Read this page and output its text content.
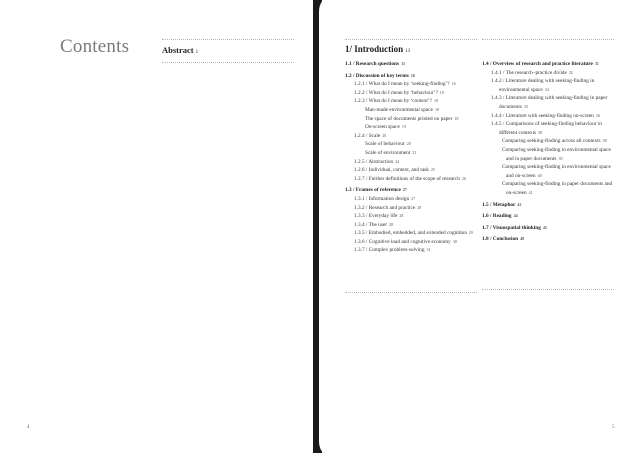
Contents	Abstract 1
4
1/ Introduction 13
1.1 / Research questions 15
1.2 / Discussion of key terms 16
1.2.1 / What do I mean by ‘seeking-finding’? 16
1.2.2 / What do I mean by ‘behaviour’? 18
1.2.3 / What do I mean by ‘context’? 18
Man-made environmental space 18
The space of documents printed on paper 18
On-screen space 19
1.2.4 / Scale 20
Scale of behaviour 20
Scale of environment 21
1.2.5 / Abstraction 24
1.2.6 / Individual, context, and task 25
1.2.7 / Further definitions of the scope of research 26
1.3 / Frames of reference 27
1.3.1 / Information design 27
1.3.2 / Research and practice 28
1.3.3 / Everyday life 28
1.3.4 / The user 28
1.3.5 / Embodied, embedded, and extended cognition 29
1.3.6 / Cognitive load and cognitive economy 30
1.3.7 / Complex problem-solving 31
1.4 / Overview of research and practice literature 31
1.4.1 / The research–practice divide 32
1.4.2 / Literature dealing with seeking-finding in environmental space 34
1.4.3 / Literature dealing with seeking-finding in paper documents 35
1.4.4 / Literature with seeking-finding on-screen 36
1.4.5 / Comparisons of seeking-finding behaviour in different contexts 38
Comparing seeking-finding across all contexts 38
Comparing seeking-finding in environmental space and in paper documents 39
Comparing seeking-finding in environmental space and on-screen 40
Comparing seeking-finding in paper documents and on-screen 41
1.5 / Metaphor 42
1.6 / Reading 44
1.7 / Visuospatial thinking 45
1.8 / Conclusion 48
5
